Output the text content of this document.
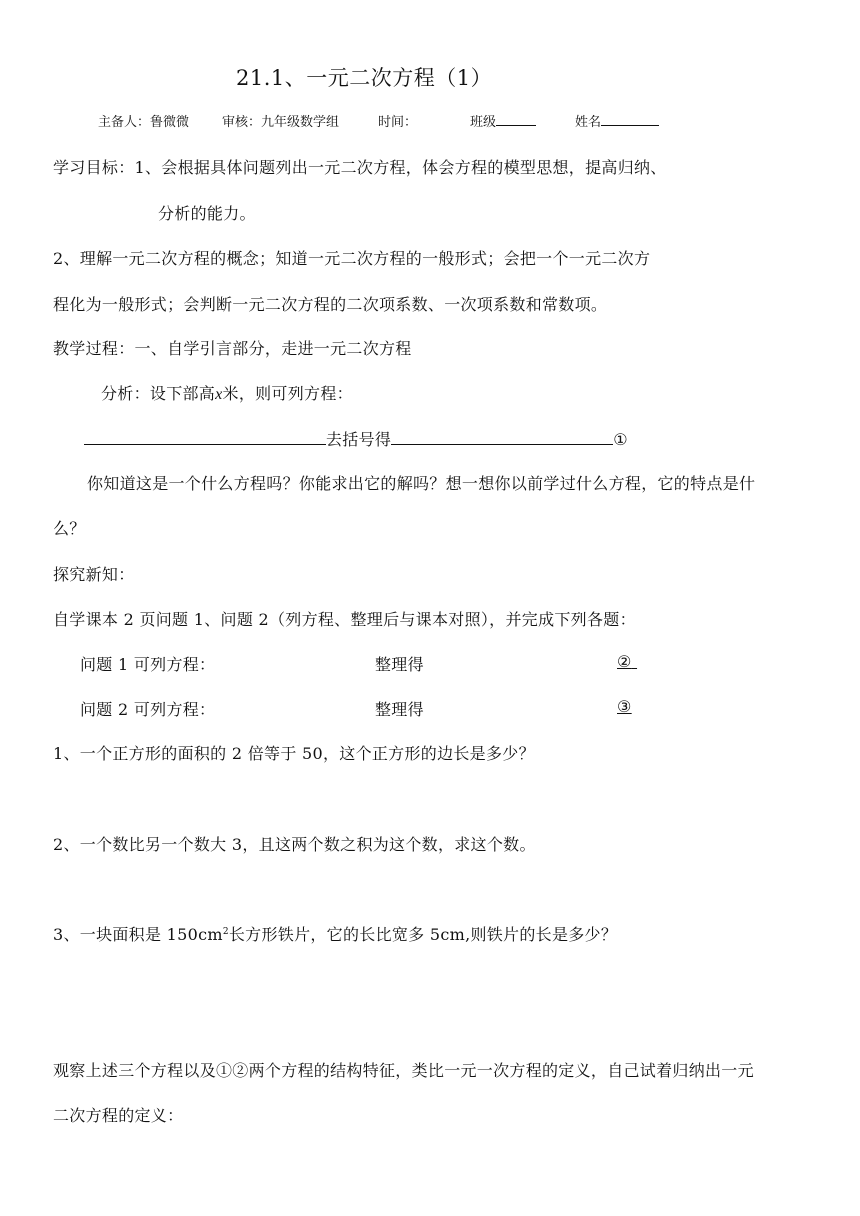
21.1、一元二次方程（1）
主备人：鲁微微	审核：九年级数学组	时间：	班级	姓名
学习目标：1、会根据具体问题列出一元二次方程，体会方程的模型思想，提高归纳、
分析的能力。
2、理解一元二次方程的概念；知道一元二次方程的一般形式；会把一个一元二次方
程化为一般形式；会判断一元二次方程的二次项系数、一次项系数和常数项。
教学过程：一、自学引言部分，走进一元二次方程
分析：设下部高x米，则可列方程：
去括号得	①
你知道这是一个什么方程吗？你能求出它的解吗？想一想你以前学过什么方程，它的特点是什
么？
探究新知：
自学课本 2 页问题 1、问题 2（列方程、整理后与课本对照），并完成下列各题：
问题 1 可列方程：	整理得	②
问题 2 可列方程：	整理得	③
1、一个正方形的面积的 2 倍等于 50，这个正方形的边长是多少？
2、一个数比另一个数大 3，且这两个数之积为这个数，求这个数。
3、一块面积是 $150cm^2$长方形铁片，它的长比宽多 5cm,则铁片的长是多少？
观察上述三个方程以及①②两个方程的结构特征，类比一元一次方程的定义，自己试着归纳出一元
二次方程的定义：
